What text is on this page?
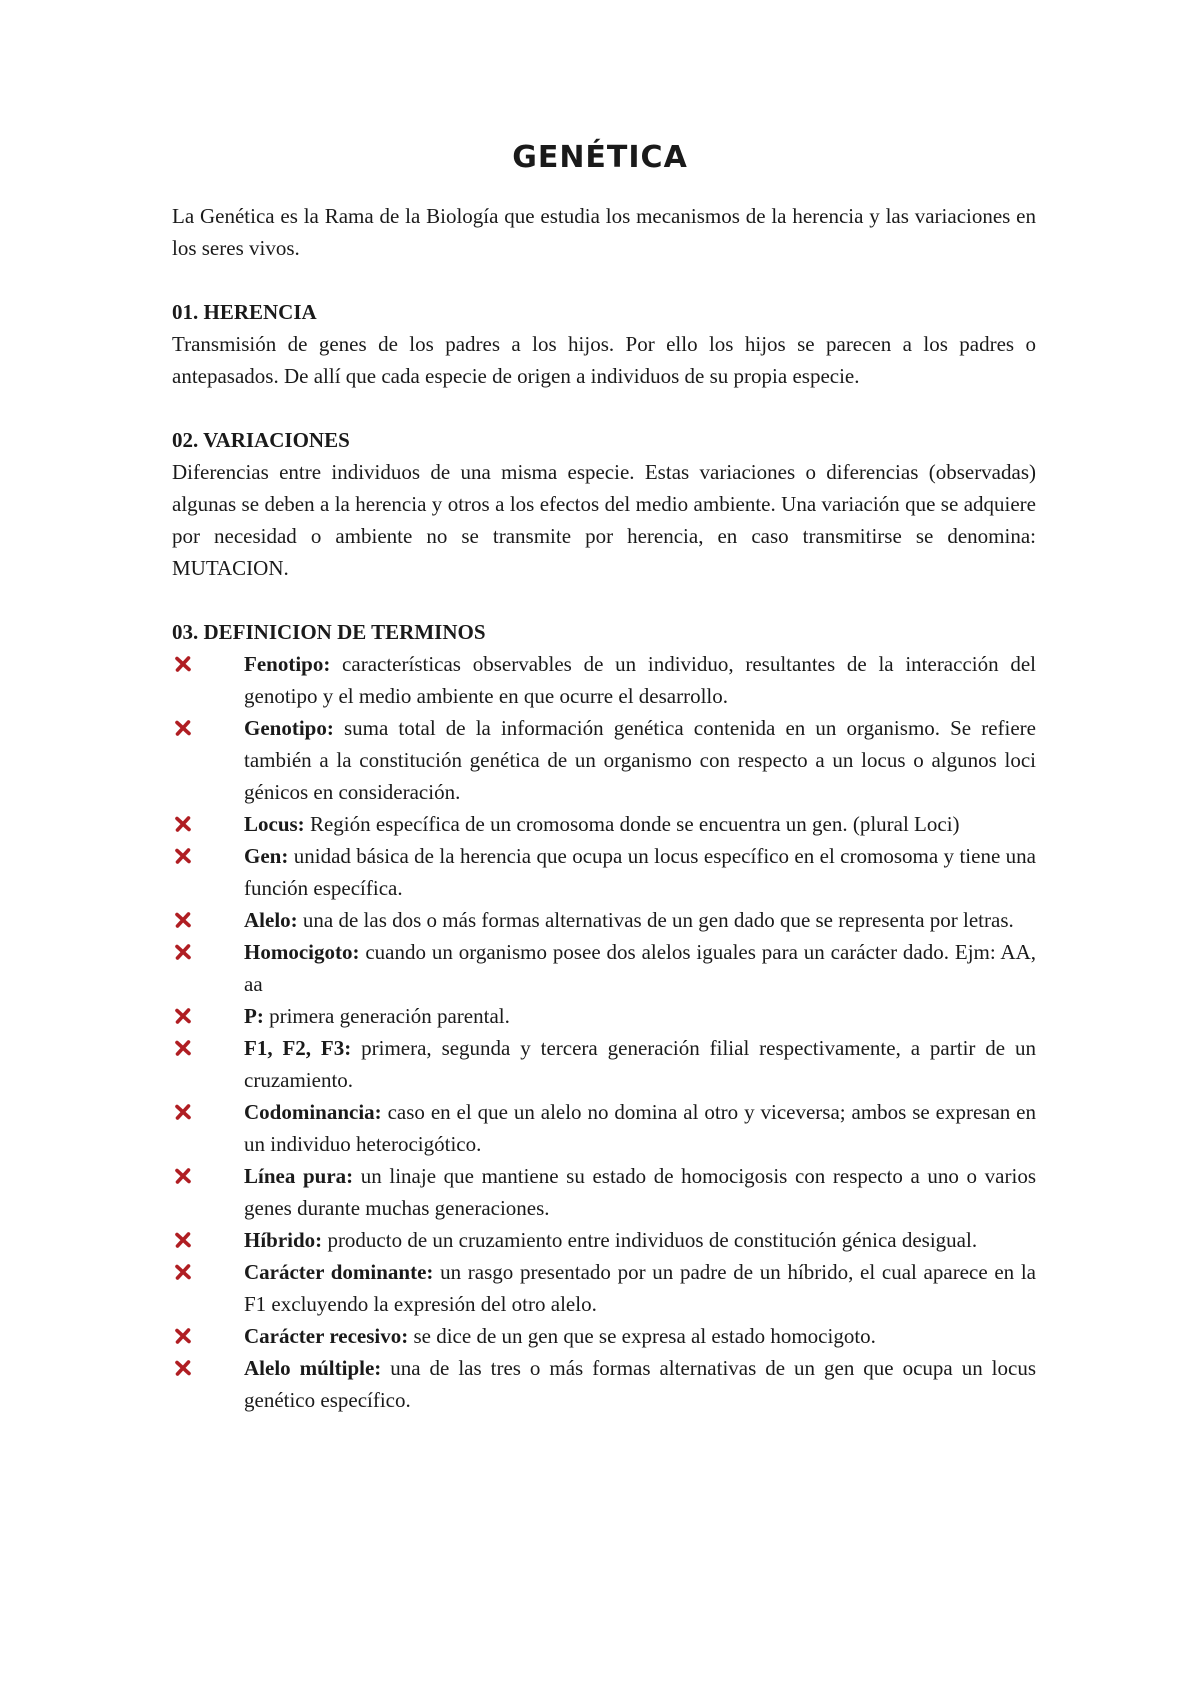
GENÉTICA

La Genética es la Rama de la Biología que estudia los mecanismos de la herencia y las variaciones en los seres vivos.

01. HERENCIA

Transmisión de genes de los padres a los hijos. Por ello los hijos se parecen a los padres o antepasados. De allí que cada especie de origen a individuos de su propia especie.

02. VARIACIONES

Diferencias entre individuos de una misma especie. Estas variaciones o diferencias (observadas) algunas se deben a la herencia y otros a los efectos del medio ambiente. Una variación que se adquiere por necesidad o ambiente no se transmite por herencia, en caso transmitirse se denomina: MUTACION.

03. DEFINICION DE TERMINOS

Fenotipo: características observables de un individuo, resultantes de la interacción del genotipo y el medio ambiente en que ocurre el desarrollo.
Genotipo: suma total de la información genética contenida en un organismo. Se refiere también a la constitución genética de un organismo con respecto a un locus o algunos loci génicos en consideración.
Locus: Región específica de un cromosoma donde se encuentra un gen. (plural Loci)
Gen: unidad básica de la herencia que ocupa un locus específico en el cromosoma y tiene una función específica.
Alelo: una de las dos o más formas alternativas de un gen dado que se representa por letras.
Homocigoto: cuando un organismo posee dos alelos iguales para un carácter dado. Ejm: AA, aa
P: primera generación parental.
F1, F2, F3: primera, segunda y tercera generación filial respectivamente, a partir de un cruzamiento.
Codominancia: caso en el que un alelo no domina al otro y viceversa; ambos se expresan en un individuo heterocigótico.
Línea pura: un linaje que mantiene su estado de homocigosis con respecto a uno o varios genes durante muchas generaciones.
Híbrido: producto de un cruzamiento entre individuos de constitución génica desigual.
Carácter dominante: un rasgo presentado por un padre de un híbrido, el cual aparece en la F1 excluyendo la expresión del otro alelo.
Carácter recesivo: se dice de un gen que se expresa al estado homocigoto.
Alelo múltiple: una de las tres o más formas alternativas de un gen que ocupa un locus genético específico.
